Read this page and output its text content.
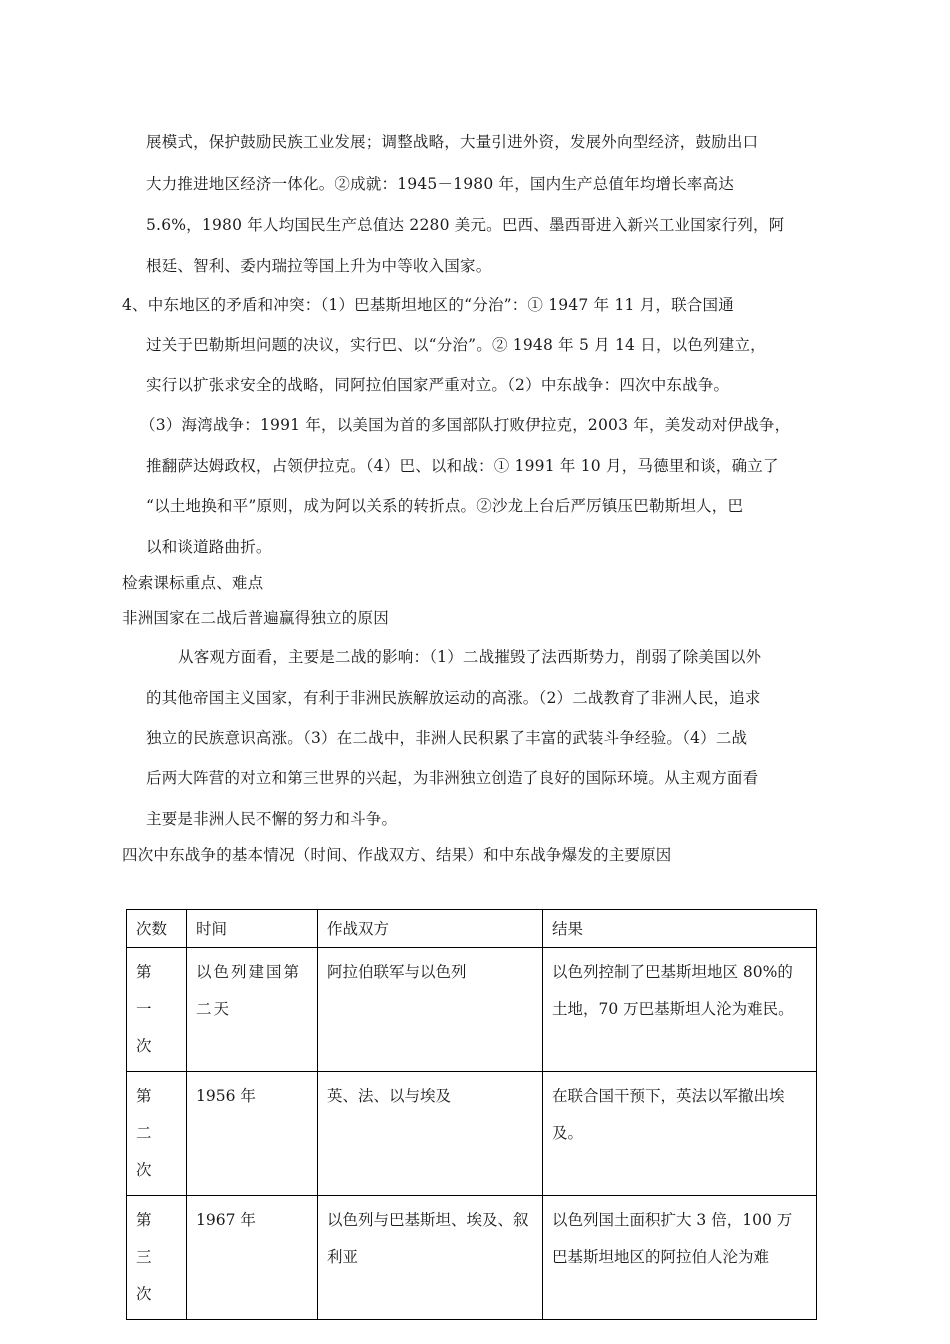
展模式，保护鼓励民族工业发展；调整战略，大量引进外资，发展外向型经济，鼓励出口
大力推进地区经济一体化。②成就：1945－1980 年，国内生产总值年均增长率高达
5.6%，1980 年人均国民生产总值达 2280 美元。巴西、墨西哥进入新兴工业国家行列，阿
根廷、智利、委内瑞拉等国上升为中等收入国家。
4、中东地区的矛盾和冲突：（1）巴基斯坦地区的“分治”：① 1947 年 11 月，联合国通
过关于巴勒斯坦问题的决议，实行巴、以“分治”。② 1948 年 5 月 14 日，以色列建立，
实行以扩张求安全的战略，同阿拉伯国家严重对立。（2）中东战争：四次中东战争。
（3）海湾战争：1991 年，以美国为首的多国部队打败伊拉克，2003 年，美发动对伊战争，
推翻萨达姆政权，占领伊拉克。（4）巴、以和战：① 1991 年 10 月，马德里和谈，确立了
“以土地换和平”原则，成为阿以关系的转折点。②沙龙上台后严厉镇压巴勒斯坦人，巴
以和谈道路曲折。
检索课标重点、难点
非洲国家在二战后普遍赢得独立的原因
从客观方面看，主要是二战的影响：（1）二战摧毁了法西斯势力，削弱了除美国以外
的其他帝国主义国家，有利于非洲民族解放运动的高涨。（2）二战教育了非洲人民，追求
独立的民族意识高涨。（3）在二战中，非洲人民积累了丰富的武装斗争经验。（4）二战
后两大阵营的对立和第三世界的兴起，为非洲独立创造了良好的国际环境。从主观方面看
主要是非洲人民不懈的努力和斗争。
四次中东战争的基本情况（时间、作战双方、结果）和中东战争爆发的主要原因
次数	时间	作战双方	结果

第一次	以色列建国第二天	阿拉伯联军与以色列	以色列控制了巴基斯坦地区 80%的土地，70 万巴基斯坦人沦为难民。

第二次	1956 年	英、法、以与埃及	在联合国干预下，英法以军撤出埃及。

第三次	1967 年	以色列与巴基斯坦、埃及、叙利亚	以色列国土面积扩大 3 倍，100 万巴基斯坦地区的阿拉伯人沦为难
